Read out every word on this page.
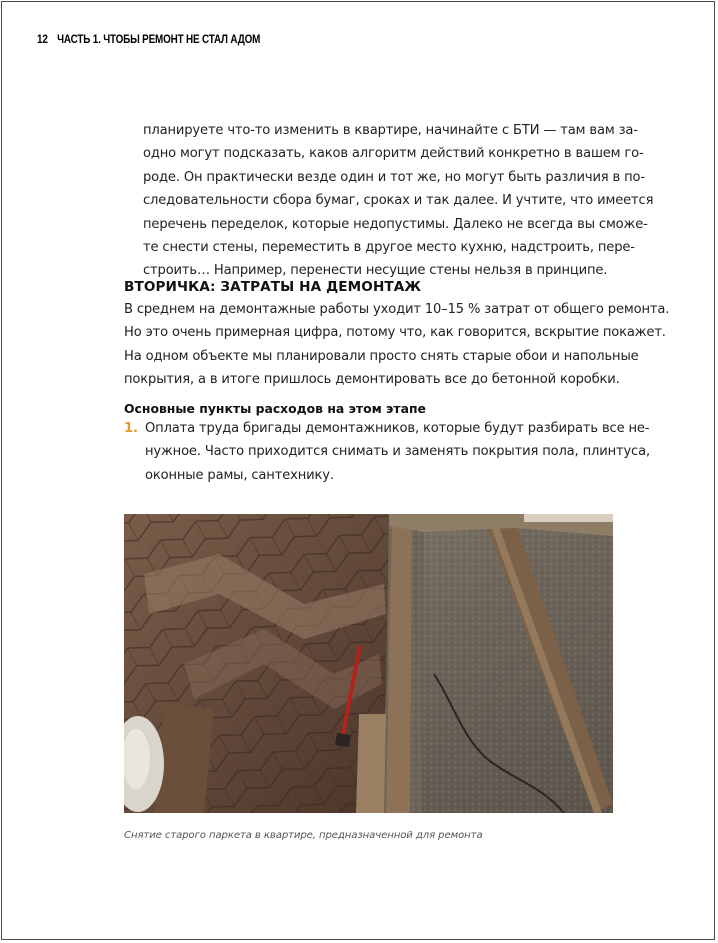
12 ЧАСТЬ 1. ЧТОБЫ РЕМОНТ НЕ СТАЛ АДОМ
планируете что-то изменить в квартире, начинайте с БТИ — там вам за-
одно могут подсказать, каков алгоритм действий конкретно в вашем го-
роде. Он практически везде один и тот же, но могут быть различия в по-
следовательности сбора бумаг, сроках и так далее. И учтите, что имеется
перечень переделок, которые недопустимы. Далеко не всегда вы сможе-
те снести стены, переместить в другое место кухню, надстроить, пере-
строить… Например, перенести несущие стены нельзя в принципе.
ВТОРИЧКА: ЗАТРАТЫ НА ДЕМОНТАЖ
В среднем на демонтажные работы уходит 10–15 % затрат от общего ремонта.
Но это очень примерная цифра, потому что, как говорится, вскрытие покажет.
На одном объекте мы планировали просто снять старые обои и напольные
покрытия, а в итоге пришлось демонтировать все до бетонной коробки.
Основные пункты расходов на этом этапе
1. Оплата труда бригады демонтажников, которые будут разбирать все не-
нужное. Часто приходится снимать и заменять покрытия пола, плинтуса,
оконные рамы, сантехнику.
Снятие старого паркета в квартире, предназначенной для ремонта
